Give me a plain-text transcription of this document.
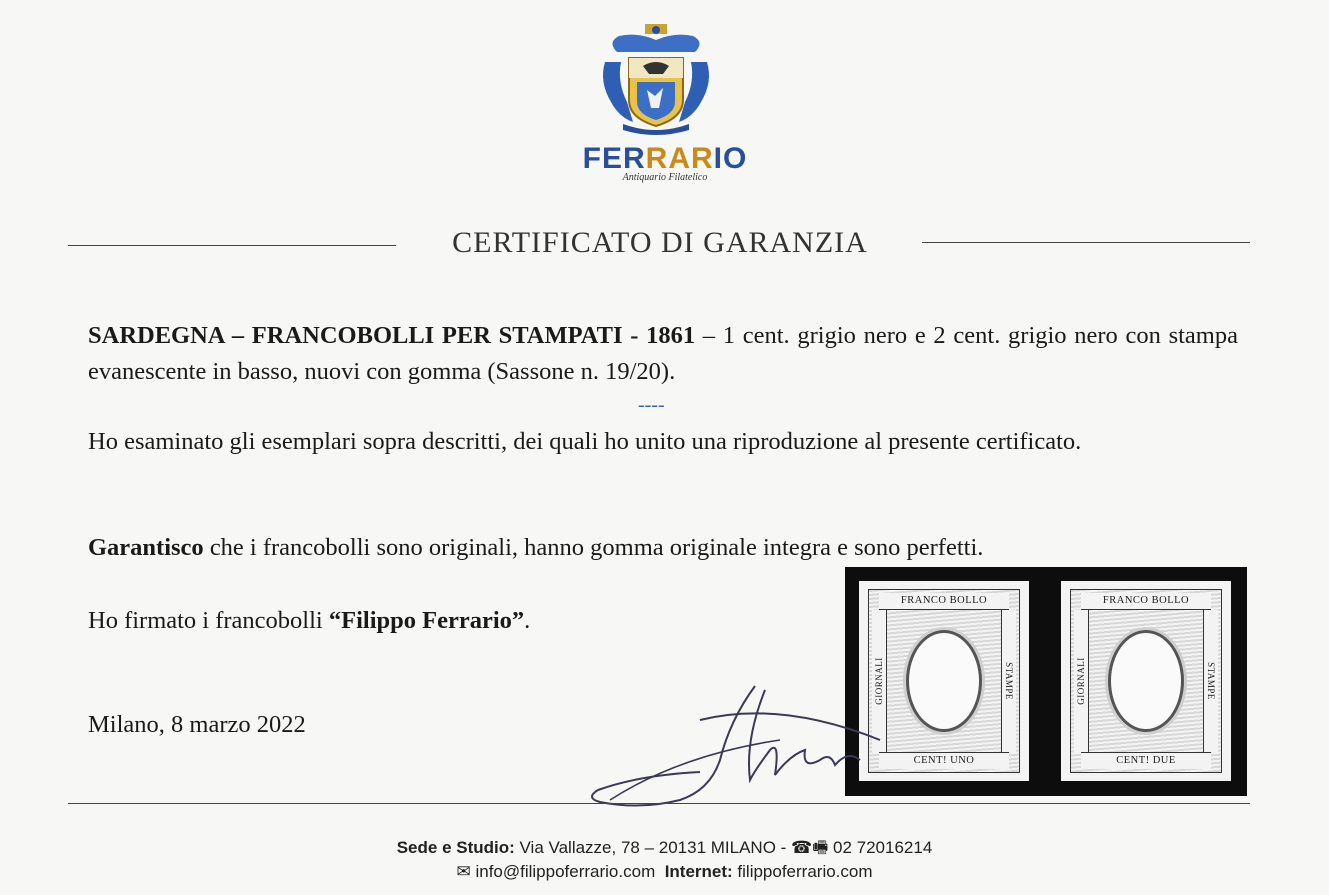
FERRARIO
Antiquario Filatelico
CERTIFICATO DI GARANZIA
SARDEGNA – FRANCOBOLLI PER STAMPATI - 1861 – 1 cent. grigio nero e 2 cent. grigio nero con stampa evanescente in basso, nuovi con gomma (Sassone n. 19/20).
----
Ho esaminato gli esemplari sopra descritti, dei quali ho unito una riproduzione al presente certificato.
Garantisco che i francobolli sono originali, hanno gomma originale integra e sono perfetti.
Ho firmato i francobolli “Filippo Ferrario”.
Milano, 8 marzo 2022
FRANCO BOLLO
GIORNALI	STAMPE
CENT! UNO
FRANCO BOLLO
GIORNALI	STAMPE
CENT! DUE
Sede e Studio: Via Vallazze, 78 – 20131 MILANO - ☎🖷 02 72016214
✉ info@filippoferrario.com Internet: filippoferrario.com
